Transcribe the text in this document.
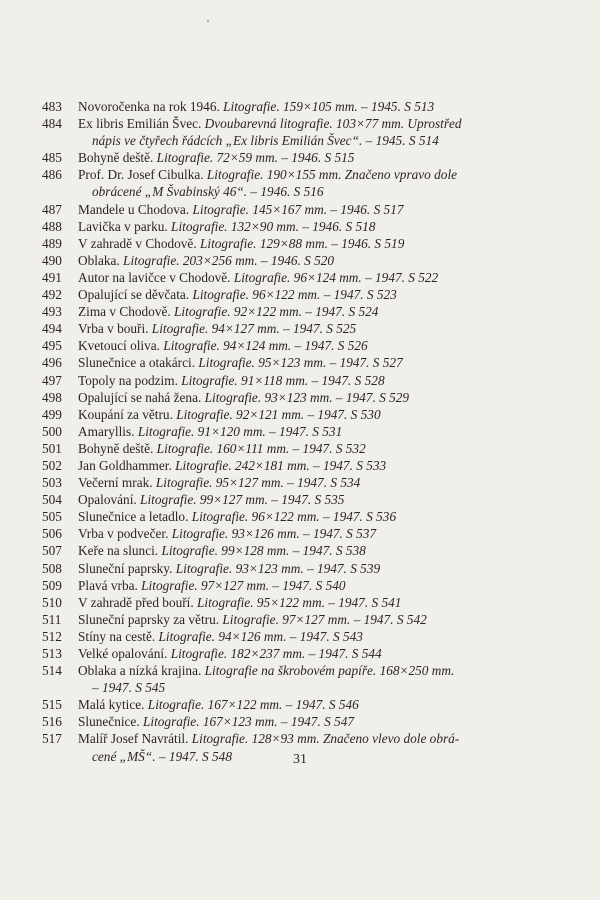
483	Novoročenka na rok 1946. Litografie. 159×105 mm. – 1945. S 513
484	Ex libris Emilián Švec. Dvoubarevná litografie. 103×77 mm. Uprostřed
nápis ve čtyřech řádcích „Ex libris Emilián Švec“. – 1945. S 514
485	Bohyně deště. Litografie. 72×59 mm. – 1946. S 515
486	Prof. Dr. Josef Cibulka. Litografie. 190×155 mm. Značeno vpravo dole
obrácené „M Švabinský 46“. – 1946. S 516
487	Mandele u Chodova. Litografie. 145×167 mm. – 1946. S 517
488	Lavička v parku. Litografie. 132×90 mm. – 1946. S 518
489	V zahradě v Chodově. Litografie. 129×88 mm. – 1946. S 519
490	Oblaka. Litografie. 203×256 mm. – 1946. S 520
491	Autor na lavičce v Chodově. Litografie. 96×124 mm. – 1947. S 522
492	Opalující se děvčata. Litografie. 96×122 mm. – 1947. S 523
493	Zima v Chodově. Litografie. 92×122 mm. – 1947. S 524
494	Vrba v bouři. Litografie. 94×127 mm. – 1947. S 525
495	Kvetoucí oliva. Litografie. 94×124 mm. – 1947. S 526
496	Slunečnice a otakárci. Litografie. 95×123 mm. – 1947. S 527
497	Topoly na podzim. Litografie. 91×118 mm. – 1947. S 528
498	Opalující se nahá žena. Litografie. 93×123 mm. – 1947. S 529
499	Koupání za větru. Litografie. 92×121 mm. – 1947. S 530
500	Amaryllis. Litografie. 91×120 mm. – 1947. S 531
501	Bohyně deště. Litografie. 160×111 mm. – 1947. S 532
502	Jan Goldhammer. Litografie. 242×181 mm. – 1947. S 533
503	Večerní mrak. Litografie. 95×127 mm. – 1947. S 534
504	Opalování. Litografie. 99×127 mm. – 1947. S 535
505	Slunečnice a letadlo. Litografie. 96×122 mm. – 1947. S 536
506	Vrba v podvečer. Litografie. 93×126 mm. – 1947. S 537
507	Keře na slunci. Litografie. 99×128 mm. – 1947. S 538
508	Sluneční paprsky. Litografie. 93×123 mm. – 1947. S 539
509	Plavá vrba. Litografie. 97×127 mm. – 1947. S 540
510	V zahradě před bouří. Litografie. 95×122 mm. – 1947. S 541
511	Sluneční paprsky za větru. Litografie. 97×127 mm. – 1947. S 542
512	Stíny na cestě. Litografie. 94×126 mm. – 1947. S 543
513	Velké opalování. Litografie. 182×237 mm. – 1947. S 544
514	Oblaka a nízká krajina. Litografie na škrobovém papíře. 168×250 mm.
– 1947. S 545
515	Malá kytice. Litografie. 167×122 mm. – 1947. S 546
516	Slunečnice. Litografie. 167×123 mm. – 1947. S 547
517	Malíř Josef Navrátil. Litografie. 128×93 mm. Značeno vlevo dole obrá-
cené „MŠ“. – 1947. S 548	31
